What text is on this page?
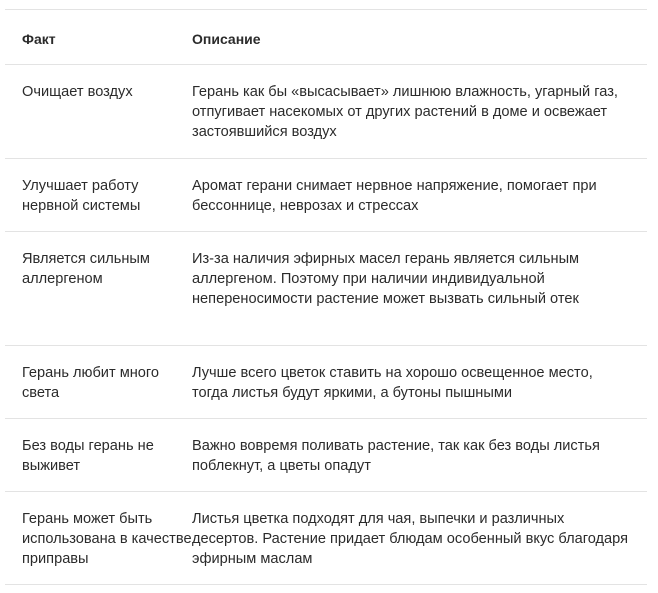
Факт	Описание
Очищает воздух	Герань как бы «высасывает» лишнюю влажность, угарный газ, отпугивает насекомых от других растений в доме и освежает застоявшийся воздух
Улучшает работу нервной системы
Аромат герани снимает нервное напряжение, помогает при бессоннице, неврозах и стрессах
Является сильным аллергеном
Из-за наличия эфирных масел герань является сильным аллергеном. Поэтому при наличии индивидуальной непереносимости растение может вызвать сильный отек
Герань любит много света
Лучше всего цветок ставить на хорошо освещенное место, тогда листья будут яркими, а бутоны пышными
Без воды герань не выживет
Важно вовремя поливать растение, так как без воды листья поблекнут, а цветы опадут
Герань может быть использована в качестве приправы
Листья цветка подходят для чая, выпечки и различных десертов. Растение придает блюдам особенный вкус благодаря эфирным маслам
